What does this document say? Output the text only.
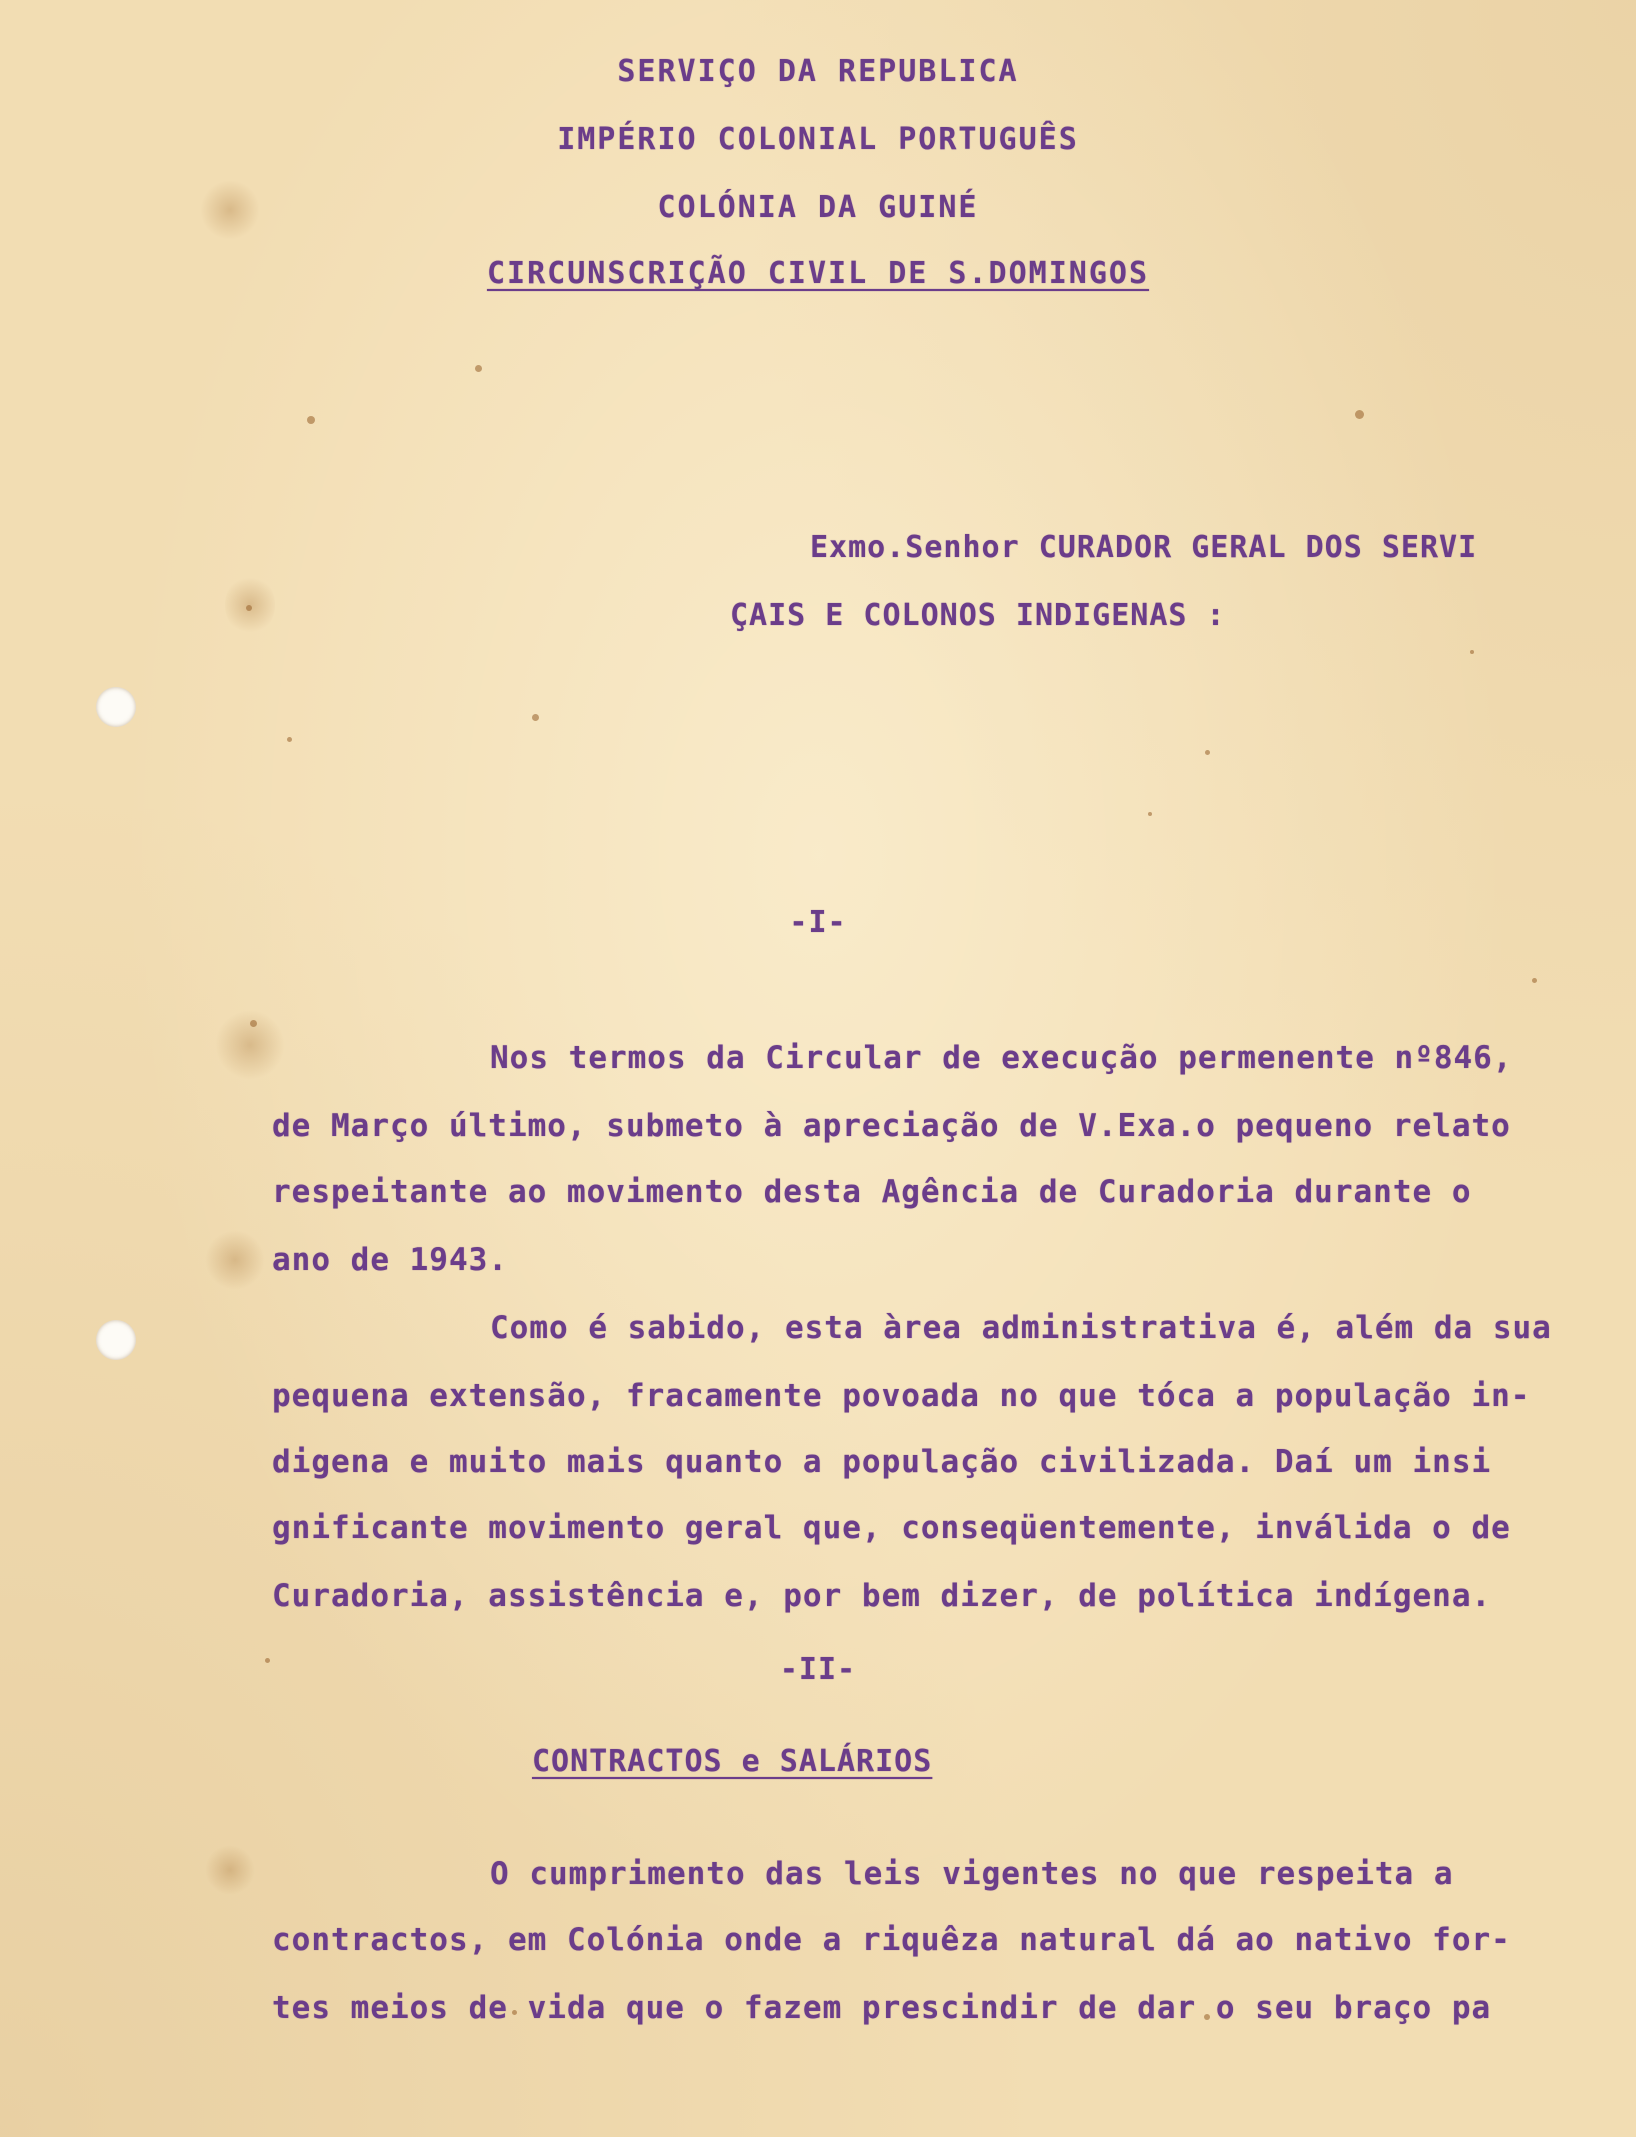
SERVIÇO DA REPUBLICA
IMPÉRIO COLONIAL PORTUGUÊS
COLÓNIA DA GUINÉ
CIRCUNSCRIÇÃO CIVIL DE S.DOMINGOS
Exmo.Senhor CURADOR GERAL DOS SERVI
ÇAIS E COLONOS INDIGENAS :
-I-
Nos termos da Circular de execução permenente nº846,
de Março último, submeto à apreciação de V.Exa.o pequeno relato
respeitante ao movimento desta Agência de Curadoria durante o
ano de 1943.
Como é sabido, esta àrea administrativa é, além da sua
pequena extensão, fracamente povoada no que tóca a população in-
digena e muito mais quanto a população civilizada. Daí um insi
gnificante movimento geral que, conseqüentemente, inválida o de
Curadoria, assistência e, por bem dizer, de política indígena.
-II-
CONTRACTOS e SALÁRIOS
O cumprimento das leis vigentes no que respeita a
contractos, em Colónia onde a riquêza natural dá ao nativo for-
tes meios de vida que o fazem prescindir de dar o seu braço pa
